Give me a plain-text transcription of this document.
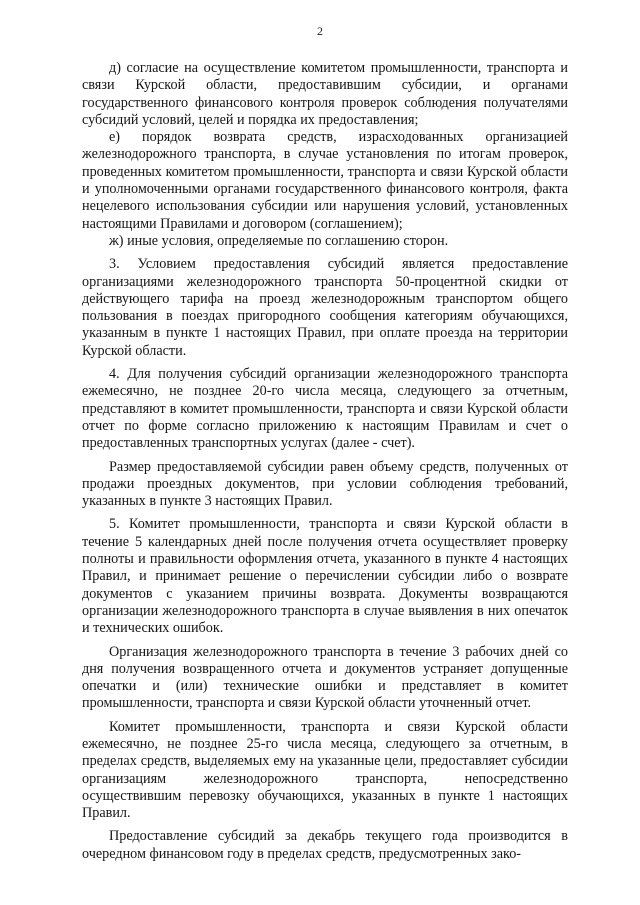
2

д) согласие на осуществление комитетом промышленности, транспорта и связи Курской области, предоставившим субсидии, и органами государственного финансового контроля проверок соблюдения получателями субсидий условий, целей и порядка их предоставления;

е) порядок возврата средств, израсходованных организацией железнодорожного транспорта, в случае установления по итогам проверок, проведенных комитетом промышленности, транспорта и связи Курской области и уполномоченными органами государственного финансового контроля, факта нецелевого использования субсидии или нарушения условий, установленных настоящими Правилами и договором (соглашением);

ж) иные условия, определяемые по соглашению сторон.

3. Условием предоставления субсидий является предоставление организациями железнодорожного транспорта 50-процентной скидки от действующего тарифа на проезд железнодорожным транспортом общего пользования в поездах пригородного сообщения категориям обучающихся, указанным в пункте 1 настоящих Правил, при оплате проезда на территории Курской области.

4. Для получения субсидий организации железнодорожного транспорта ежемесячно, не позднее 20-го числа месяца, следующего за отчетным, представляют в комитет промышленности, транспорта и связи Курской области отчет по форме согласно приложению к настоящим Правилам и счет о предоставленных транспортных услугах (далее - счет).

Размер предоставляемой субсидии равен объему средств, полученных от продажи проездных документов, при условии соблюдения требований, указанных в пункте 3 настоящих Правил.

5. Комитет промышленности, транспорта и связи Курской области в течение 5 календарных дней после получения отчета осуществляет проверку полноты и правильности оформления отчета, указанного в пункте 4 настоящих Правил, и принимает решение о перечислении субсидии либо о возврате документов с указанием причины возврата. Документы возвращаются организации железнодорожного транспорта в случае выявления в них опечаток и технических ошибок.

Организация железнодорожного транспорта в течение 3 рабочих дней со дня получения возвращенного отчета и документов устраняет допущенные опечатки и (или) технические ошибки и представляет в комитет промышленности, транспорта и связи Курской области уточненный отчет.

Комитет промышленности, транспорта и связи Курской области ежемесячно, не позднее 25-го числа месяца, следующего за отчетным, в пределах средств, выделяемых ему на указанные цели, предоставляет субсидии организациям железнодорожного транспорта, непосредственно осуществившим перевозку обучающихся, указанных в пункте 1 настоящих Правил.

Предоставление субсидий за декабрь текущего года производится в очередном финансовом году в пределах средств, предусмотренных зако-
